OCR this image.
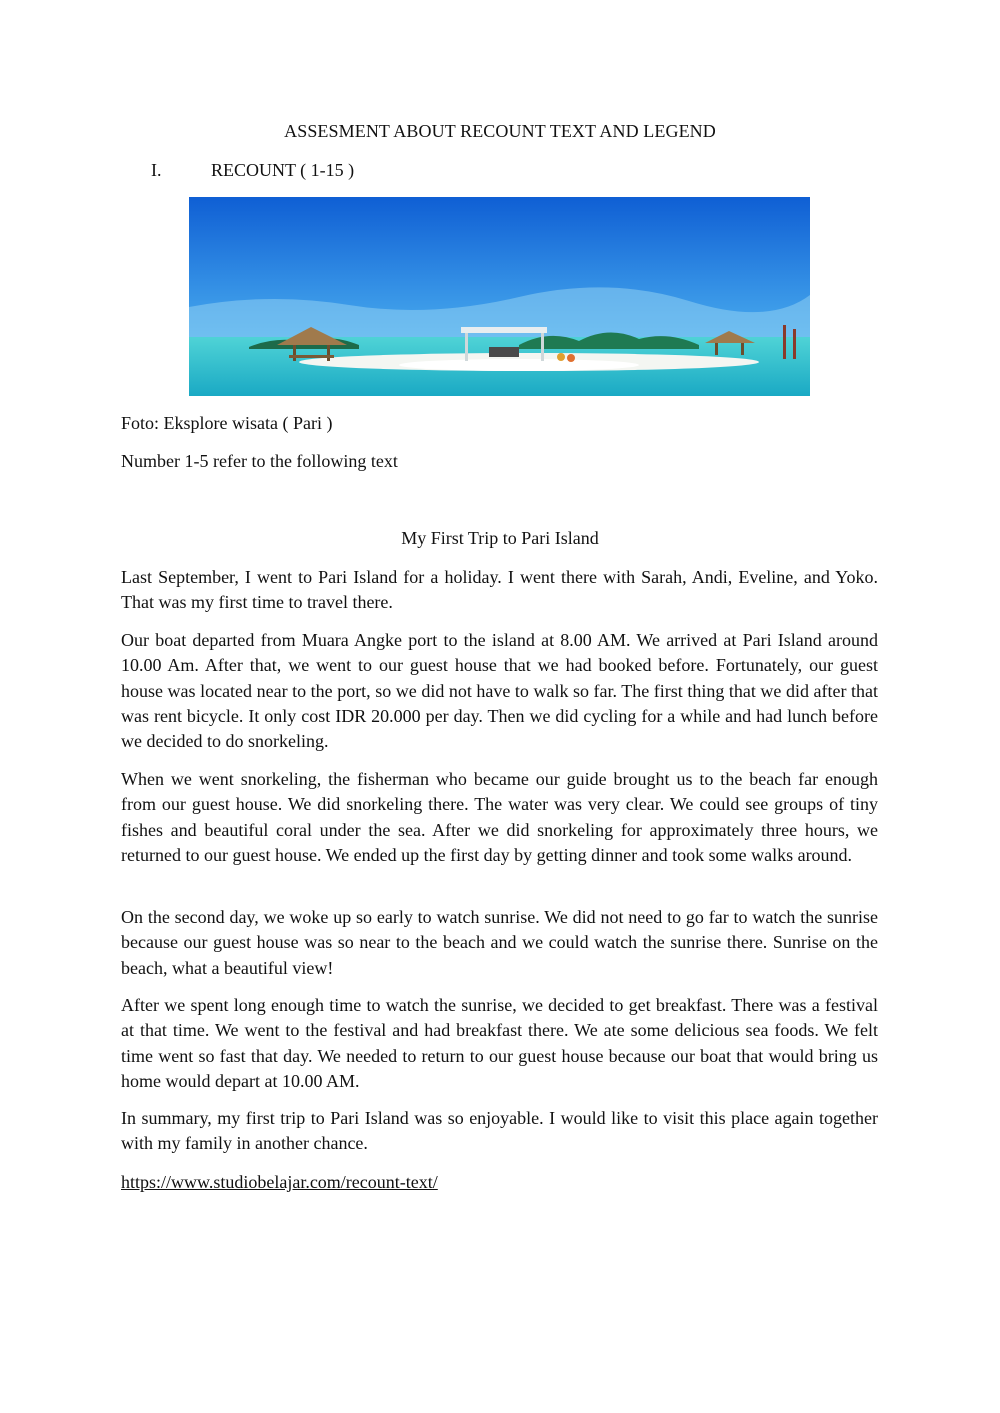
ASSESMENT ABOUT RECOUNT TEXT AND LEGEND
I.	RECOUNT ( 1-15 )
Foto: Eksplore wisata ( Pari )
Number 1-5 refer to the following text
My First Trip to Pari Island

Last September, I went to Pari Island for a holiday. I went there with Sarah, Andi, Eveline, and Yoko. That was my first time to travel there.

Our boat departed from Muara Angke port to the island at 8.00 AM. We arrived at Pari Island around 10.00 Am. After that, we went to our guest house that we had booked before. Fortunately, our guest house was located near to the port, so we did not have to walk so far. The first thing that we did after that was rent bicycle. It only cost IDR 20.000 per day. Then we did cycling for a while and had lunch before we decided to do snorkeling.

When we went snorkeling, the fisherman who became our guide brought us to the beach far enough from our guest house. We did snorkeling there. The water was very clear. We could see groups of tiny fishes and beautiful coral under the sea. After we did snorkeling for approximately three hours, we returned to our guest house. We ended up the first day by getting dinner and took some walks around.

On the second day, we woke up so early to watch sunrise. We did not need to go far to watch the sunrise because our guest house was so near to the beach and we could watch the sunrise there. Sunrise on the beach, what a beautiful view!

After we spent long enough time to watch the sunrise, we decided to get breakfast. There was a festival at that time. We went to the festival and had breakfast there. We ate some delicious sea foods. We felt time went so fast that day. We needed to return to our guest house because our boat that would bring us home would depart at 10.00 AM.

In summary, my first trip to Pari Island was so enjoyable. I would like to visit this place again together with my family in another chance.

https://www.studiobelajar.com/recount-text/
